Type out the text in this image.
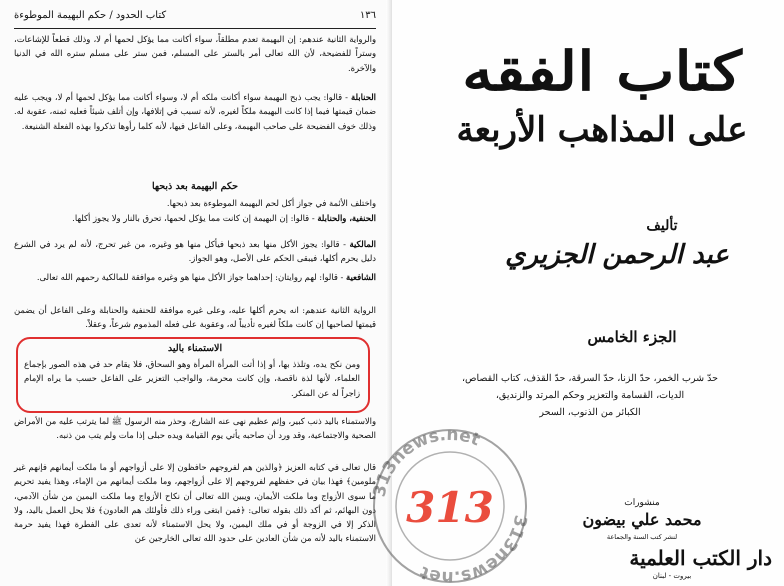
١٣٦
كتاب الحدود / حكم البهيمة الموطوءة
والرواية الثانية عندهم: إن البهيمة تعدم مطلقاً، سواء أكانت مما يؤكل لحمها أم لا، وذلك قطعاً للإشاعات، وستراً للفضيحة، لأن الله تعالى أمر بالستر على المسلم، فمن ستر على مسلم ستره الله في الدنيا والآخرة.
الحنابلة - قالوا: يجب ذبح البهيمة سواء أكانت ملكه أم لا، وسواء أكانت مما يؤكل لحمها أم لا، ويجب عليه ضمان قيمتها فيما إذا كانت البهيمة ملكاً لغيره، لأنه تسبب في إتلافها، وإن أتلف شيئاً فعليه ثمنه، عقوبة له. وذلك خوف الفضيحة على صاحب البهيمة، وعلى الفاعل فيها، لأنه كلما رأوها تذكروا بهذه الفعلة الشنيعة.
حكم البهيمة بعد ذبحها
واختلف الأئمة في جواز أكل لحم البهيمة الموطوءة بعد ذبحها.
الحنفية، والحنابلة - قالوا: إن البهيمة إن كانت مما يؤكل لحمها، تحرق بالنار ولا يجوز أكلها.
المالكية - قالوا: يجوز الأكل منها بعد ذبحها فيأكل منها هو وغيره، من غير تحرج، لأنه لم يرد في الشرع دليل يحرم أكلها، فيبقى الحكم على الأصل، وهو الجواز.
الشافعية - قالوا: لهم روايتان: إحداهما جواز الأكل منها هو وغيره موافقة للمالكية رحمهم الله تعالى.
الرواية الثانية عندهم: انه يحرم أكلها عليه، وعلى غيره موافقة للحنفية والحنابلة وعلى الفاعل أن يضمن قيمتها لصاحبها إن كانت ملكاً لغيره تأديباً له، وعقوبة على فعله المذموم شرعاً، وعقلاً.
الاستمناء باليد
ومن نكح يده، وتلذذ بها، أو إذا أتت المرأة المرأة وهو السحاق، فلا يقام حد في هذه الصور بإجماع العلماء، لأنها لذة ناقصة، وإن كانت محرمة، والواجب التعزير على الفاعل حسب ما يراه الإمام زاجراً له عن المنكر.
والاستمناء باليد ذنب كبير، وإثم عظيم نهى عنه الشارع، وحذر منه الرسول ﷺ لما يترتب عليه من الأمراض الصحية والاجتماعية، وقد ورد أن صاحبه يأتي يوم القيامة ويده حبلى إذا مات ولم يتب من ذنبه.
قال تعالى في كتابه العزيز ﴿والذين هم لفروجهم حافظون إلا على أزواجهم أو ما ملكت أيمانهم فإنهم غير ملومين﴾ فهذا بيان في حفظهم لفروجهم إلا على أزواجهم، وما ملكت أيمانهم من الإماء، وهذا يفيد تحريم ما سوى الأزواج وما ملكت الأيمان، ويبين الله تعالى أن نكاح الأزواج وما ملكت اليمين من شأن الآدمي، دون البهائم، ثم أكد ذلك بقوله تعالى: ﴿فمن ابتغى وراء ذلك فأولئك هم العادون﴾ فلا يحل العمل باليد، ولا الذكر إلا في الزوجة أو في ملك اليمين، ولا يحل الاستمناء لأنه تعدى على الفطرة فهذا يفيد حرمة الاستمناء باليد لأنه من شأن العادين على حدود الله تعالى الخارجين عن
كتاب الفقه
على المذاهب الأربعة
تأليف
عبد الرحمن الجزيري
الجزء الخامس
حدّ شرب الخمر، حدّ الزنا، حدّ السرقة، حدّ القذف، كتاب القصاص،
الديات، القسامة والتعزير وحكم المرتد والزنديق،
الكبائر من الذنوب، السحر
منشورات
محمد علي بيضون
لنشر كتب السنة والجماعة
دار الكتب العلمية
بيروت - لبنان
313news.net
313news.net
313
